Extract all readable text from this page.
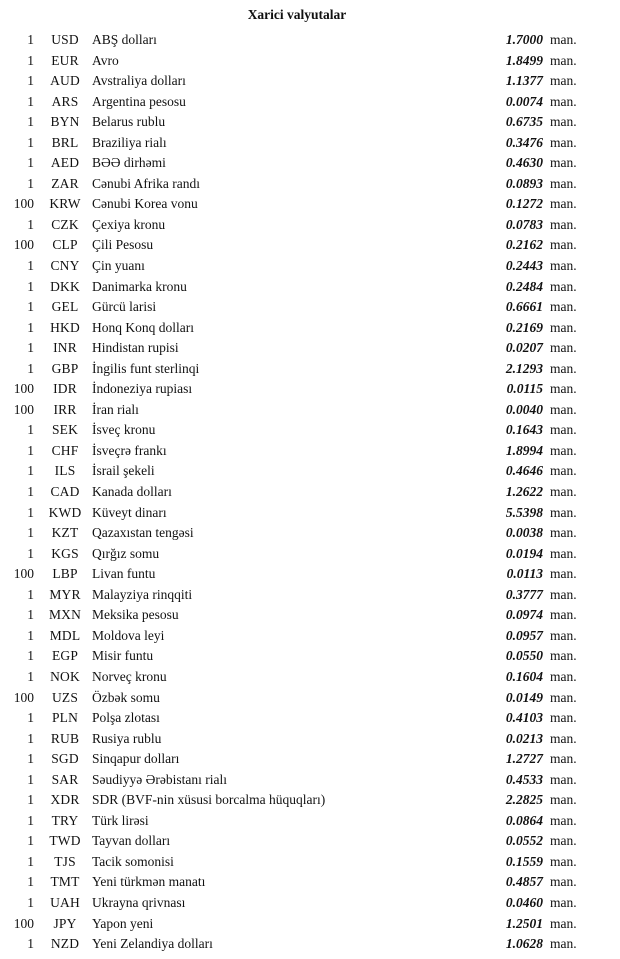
Xarici valyutalar
1	USD ABŞ dolları	1.7000 man.
1	EUR Avro	1.8499 man.
1	AUD Avstraliya dolları	1.1377 man.
1	ARS	Argentina pesosu	0.0074 man.
1	BYN Belarus rublu	0.6735 man.
1	BRL	Braziliya rialı	0.3476 man.
1	AED BƏƏ dirhəmi	0.4630 man.
1	ZAR Cənubi Afrika randı	0.0893 man.
100	KRW Cənubi Korea vonu	0.1272 man.
1	CZK Çexiya kronu	0.0783 man.
100	CLP	Çili Pesosu	0.2162 man.
1	CNY Çin yuanı	0.2443 man.
1	DKK Danimarka kronu	0.2484 man.
1	GEL	Gürcü larisi	0.6661 man.
1	HKD Honq Konq dolları	0.2169 man.
1	INR	Hindistan rupisi	0.0207 man.
1	GBP	İngilis funt sterlinqi	2.1293 man.
100	IDR	İndoneziya rupiası	0.0115 man.
100	IRR	İran rialı	0.0040 man.
1	SEK	İsveç kronu	0.1643 man.
1	CHF	İsveçrə frankı	1.8994 man.
1	ILS	İsrail şekeli	0.4646 man.
1	CAD Kanada dolları	1.2622 man.
1	KWD Küveyt dinarı	5.5398 man.
1	KZT	Qazaxıstan tengəsi	0.0038 man.
1	KGS Qırğız somu	0.0194 man.
100	LBP	Livan funtu	0.0113 man.
1	MYR Malayziya rinqqiti	0.3777 man.
1	MXN Meksika pesosu	0.0974 man.
1	MDL Moldova leyi	0.0957 man.
1	EGP	Misir funtu	0.0550 man.
1	NOK Norveç kronu	0.1604 man.
100	UZS	Özbək somu	0.0149 man.
1	PLN	Polşa zlotası	0.4103 man.
1	RUB Rusiya rublu	0.0213 man.
1	SGD Sinqapur dolları	1.2727 man.
1	SAR	Səudiyyə Ərəbistanı rialı	0.4533 man.
1	XDR SDR (BVF-nin xüsusi borcalma hüquqları)	2.2825 man.
1	TRY	Türk lirəsi	0.0864 man.
1	TWD Tayvan dolları	0.0552 man.
1	TJS	Tacik somonisi	0.1559 man.
1	TMT Yeni türkmən manatı	0.4857 man.
1	UAH Ukrayna qrivnası	0.0460 man.
100	JPY	Yapon yeni	1.2501 man.
1	NZD Yeni Zelandiya dolları	1.0628 man.
